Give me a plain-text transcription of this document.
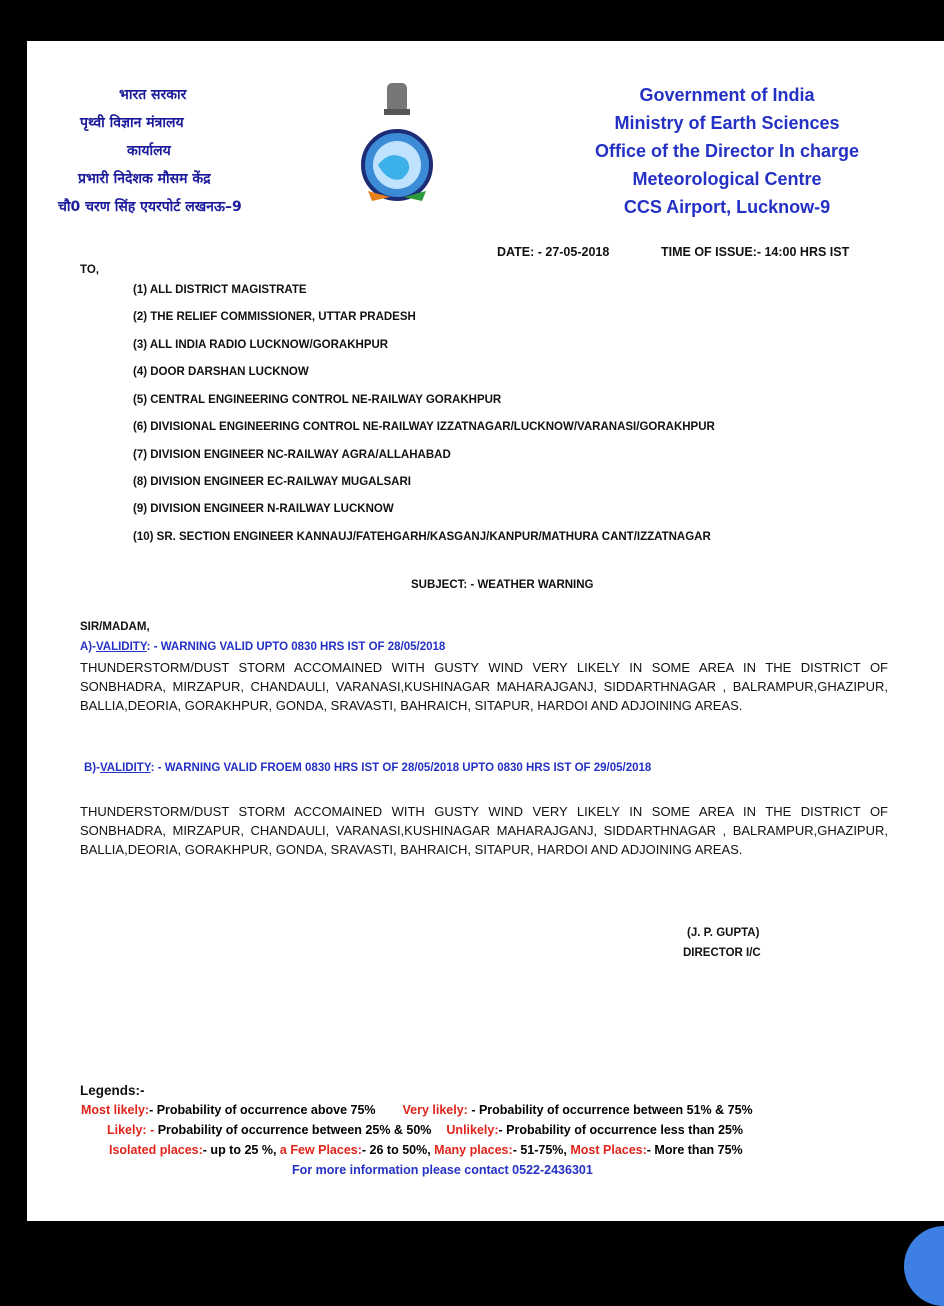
भारत सरकार
पृथ्वी विज्ञान मंत्रालय
कार्यालय
प्रभारी निदेशक मौसम केंद्र
चौ0 चरण सिंह एयरपोर्ट लखनऊ–9
Government of India
Ministry of Earth Sciences
Office of the Director In charge
Meteorological Centre
CCS Airport, Lucknow-9
DATE: - 27-05-2018	TIME OF ISSUE:- 14:00 HRS IST
TO,
(1) ALL DISTRICT MAGISTRATE
(2) THE RELIEF COMMISSIONER, UTTAR PRADESH
(3) ALL INDIA RADIO LUCKNOW/GORAKHPUR
(4) DOOR DARSHAN LUCKNOW
(5) CENTRAL ENGINEERING CONTROL NE-RAILWAY GORAKHPUR
(6) DIVISIONAL ENGINEERING CONTROL NE-RAILWAY IZZATNAGAR/LUCKNOW/VARANASI/GORAKHPUR
(7) DIVISION ENGINEER NC-RAILWAY AGRA/ALLAHABAD
(8) DIVISION ENGINEER EC-RAILWAY MUGALSARI
(9) DIVISION ENGINEER N-RAILWAY LUCKNOW
(10) SR. SECTION ENGINEER KANNAUJ/FATEHGARH/KASGANJ/KANPUR/MATHURA CANT/IZZATNAGAR
SUBJECT: - WEATHER WARNING
SIR/MADAM,
A)-VALIDITY: - WARNING VALID UPTO 0830 HRS IST OF 28/05/2018
THUNDERSTORM/DUST STORM ACCOMAINED WITH GUSTY WIND VERY LIKELY IN SOME AREA IN THE DISTRICT OF SONBHADRA, MIRZAPUR, CHANDAULI, VARANASI,KUSHINAGAR MAHARAJGANJ, SIDDARTHNAGAR , BALRAMPUR,GHAZIPUR, BALLIA,DEORIA, GORAKHPUR, GONDA, SRAVASTI, BAHRAICH, SITAPUR, HARDOI AND ADJOINING AREAS.
B)-VALIDITY: - WARNING VALID FROEM 0830 HRS IST OF 28/05/2018 UPTO 0830 HRS IST OF 29/05/2018
THUNDERSTORM/DUST STORM ACCOMAINED WITH GUSTY WIND VERY LIKELY IN SOME AREA IN THE DISTRICT OF SONBHADRA, MIRZAPUR, CHANDAULI, VARANASI,KUSHINAGAR MAHARAJGANJ, SIDDARTHNAGAR , BALRAMPUR,GHAZIPUR, BALLIA,DEORIA, GORAKHPUR, GONDA, SRAVASTI, BAHRAICH, SITAPUR, HARDOI AND ADJOINING AREAS.
(J. P. GUPTA)
DIRECTOR I/C
Legends:-
Most likely:- Probability of occurrence above 75% Very likely: - Probability of occurrence between 51% & 75%
Likely: - Probability of occurrence between 25% & 50% Unlikely:- Probability of occurrence less than 25%
Isolated places:- up to 25 %, a Few Places:- 26 to 50%, Many places:- 51-75%, Most Places:- More than 75%
For more information please contact 0522-2436301
